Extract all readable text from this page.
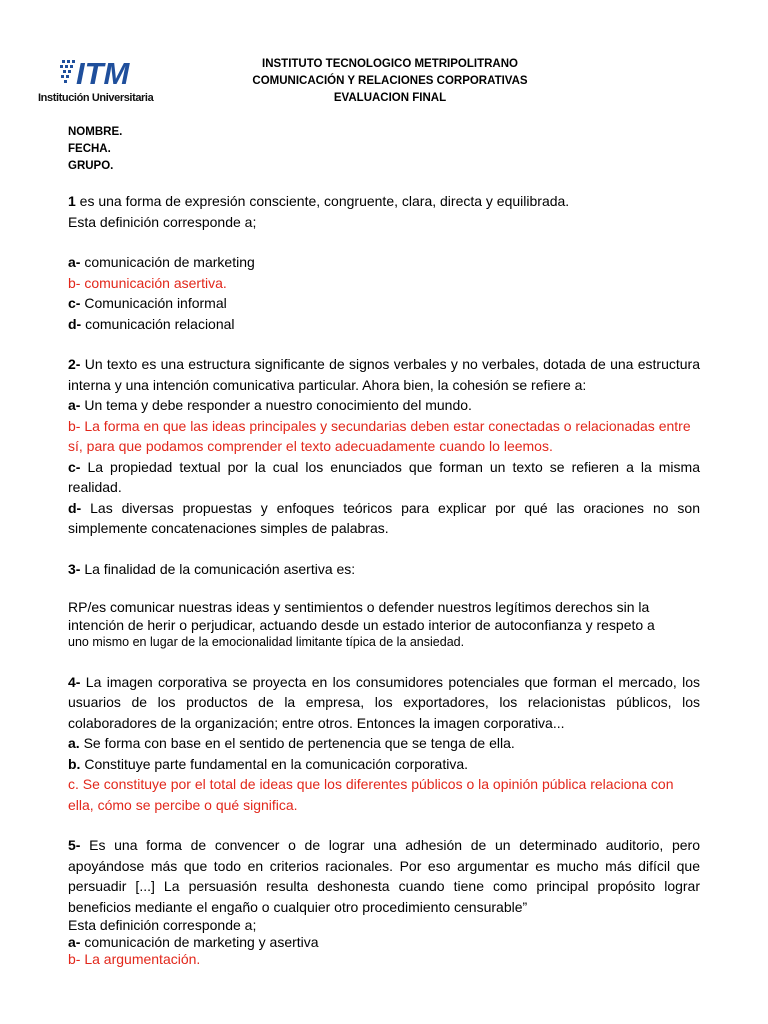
ITM
Institución Universitaria
INSTITUTO TECNOLOGICO METRIPOLITRANO
COMUNICACIÓN Y RELACIONES CORPORATIVAS
EVALUACION FINAL
NOMBRE.
FECHA.
GRUPO.

1 es una forma de expresión consciente, congruente, clara, directa y equilibrada.

Esta definición corresponde a;

a- comunicación de marketing

b- comunicación asertiva.

c- Comunicación informal

d- comunicación relacional

2- Un texto es una estructura significante de signos verbales y no verbales, dotada de una estructura interna y una intención comunicativa particular. Ahora bien, la cohesión se refiere a:

a- Un tema y debe responder a nuestro conocimiento del mundo.

b- La forma en que las ideas principales y secundarias deben estar conectadas o relacionadas entre sí, para que podamos comprender el texto adecuadamente cuando lo leemos.

c- La propiedad textual por la cual los enunciados que forman un texto se refieren a la misma realidad.

d- Las diversas propuestas y enfoques teóricos para explicar por qué las oraciones no son simplemente concatenaciones simples de palabras.

3- La finalidad de la comunicación asertiva es:

RP/es comunicar nuestras ideas y sentimientos o defender nuestros legítimos derechos sin la intención de herir o perjudicar, actuando desde un estado interior de autoconfianza y respeto a

uno mismo en lugar de la emocionalidad limitante típica de la ansiedad.

4- La imagen corporativa se proyecta en los consumidores potenciales que forman el mercado, los usuarios de los productos de la empresa, los exportadores, los relacionistas públicos, los colaboradores de la organización; entre otros. Entonces la imagen corporativa...

a. Se forma con base en el sentido de pertenencia que se tenga de ella.

b. Constituye parte fundamental en la comunicación corporativa.

c. Se constituye por el total de ideas que los diferentes públicos o la opinión pública relaciona con ella, cómo se percibe o qué significa.

5- Es una forma de convencer o de lograr una adhesión de un determinado auditorio, pero apoyándose más que todo en criterios racionales. Por eso argumentar es mucho más difícil que persuadir [...] La persuasión resulta deshonesta cuando tiene como principal propósito lograr beneficios mediante el engaño o cualquier otro procedimiento censurable”

Esta definición corresponde a;

a- comunicación de marketing y asertiva

b- La argumentación.
